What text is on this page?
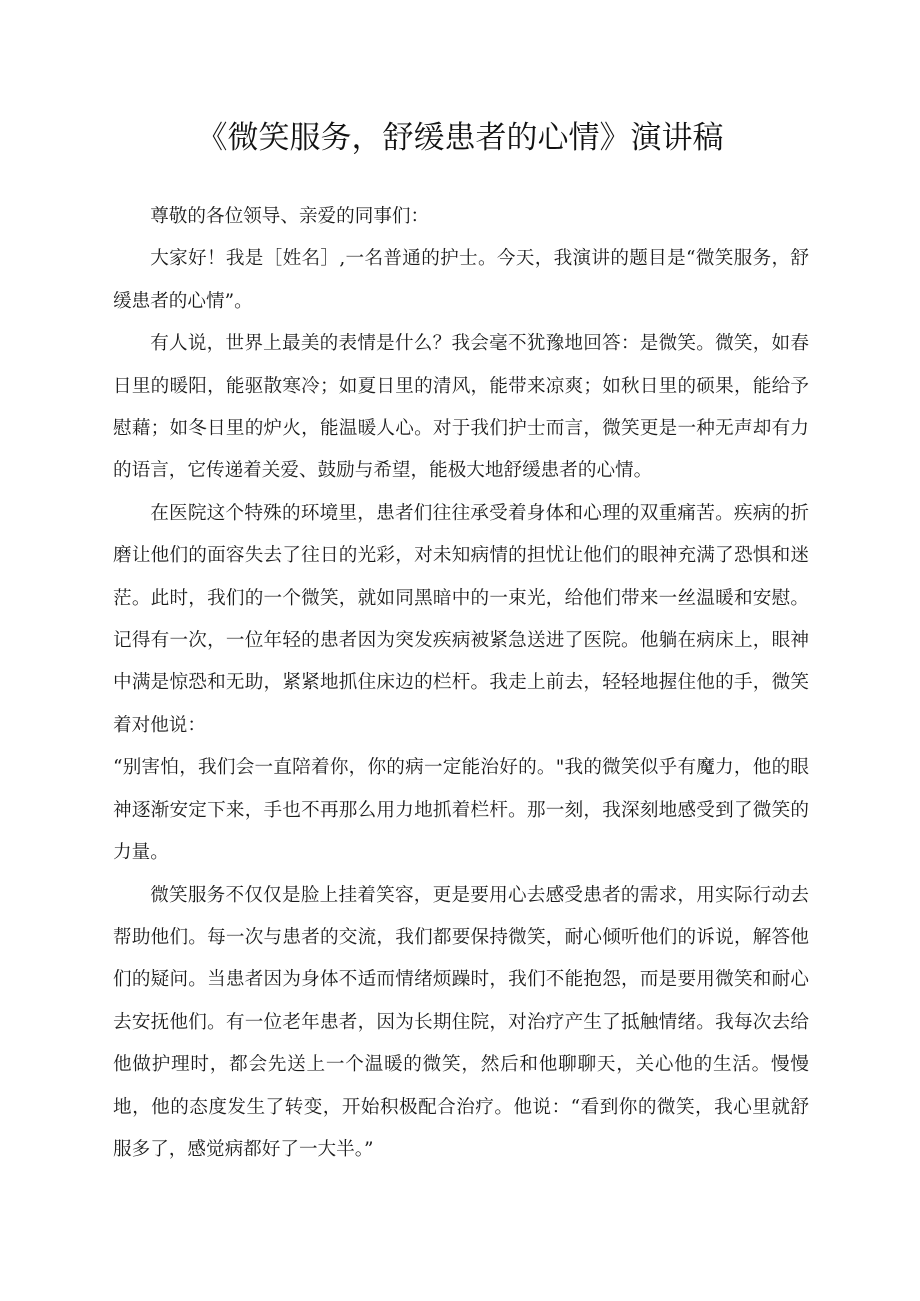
《微笑服务，舒缓患者的心情》演讲稿

尊敬的各位领导、亲爱的同事们：

大家好！我是［姓名］,一名普通的护士。今天，我演讲的题目是“微笑服务，舒缓患者的心情”。

有人说，世界上最美的表情是什么？我会毫不犹豫地回答：是微笑。微笑，如春日里的暖阳，能驱散寒冷；如夏日里的清风，能带来凉爽；如秋日里的硕果，能给予慰藉；如冬日里的炉火，能温暖人心。对于我们护士而言，微笑更是一种无声却有力的语言，它传递着关爱、鼓励与希望，能极大地舒缓患者的心情。

在医院这个特殊的环境里，患者们往往承受着身体和心理的双重痛苦。疾病的折磨让他们的面容失去了往日的光彩，对未知病情的担忧让他们的眼神充满了恐惧和迷茫。此时，我们的一个微笑，就如同黑暗中的一束光，给他们带来一丝温暖和安慰。记得有一次，一位年轻的患者因为突发疾病被紧急送进了医院。他躺在病床上，眼神中满是惊恐和无助，紧紧地抓住床边的栏杆。我走上前去，轻轻地握住他的手，微笑着对他说：

“别害怕，我们会一直陪着你，你的病一定能治好的。"我的微笑似乎有魔力，他的眼神逐渐安定下来，手也不再那么用力地抓着栏杆。那一刻，我深刻地感受到了微笑的力量。

微笑服务不仅仅是脸上挂着笑容，更是要用心去感受患者的需求，用实际行动去帮助他们。每一次与患者的交流，我们都要保持微笑，耐心倾听他们的诉说，解答他们的疑问。当患者因为身体不适而情绪烦躁时，我们不能抱怨，而是要用微笑和耐心去安抚他们。有一位老年患者，因为长期住院，对治疗产生了抵触情绪。我每次去给他做护理时，都会先送上一个温暖的微笑，然后和他聊聊天，关心他的生活。慢慢地，他的态度发生了转变，开始积极配合治疗。他说：“看到你的微笑，我心里就舒服多了，感觉病都好了一大半。”
